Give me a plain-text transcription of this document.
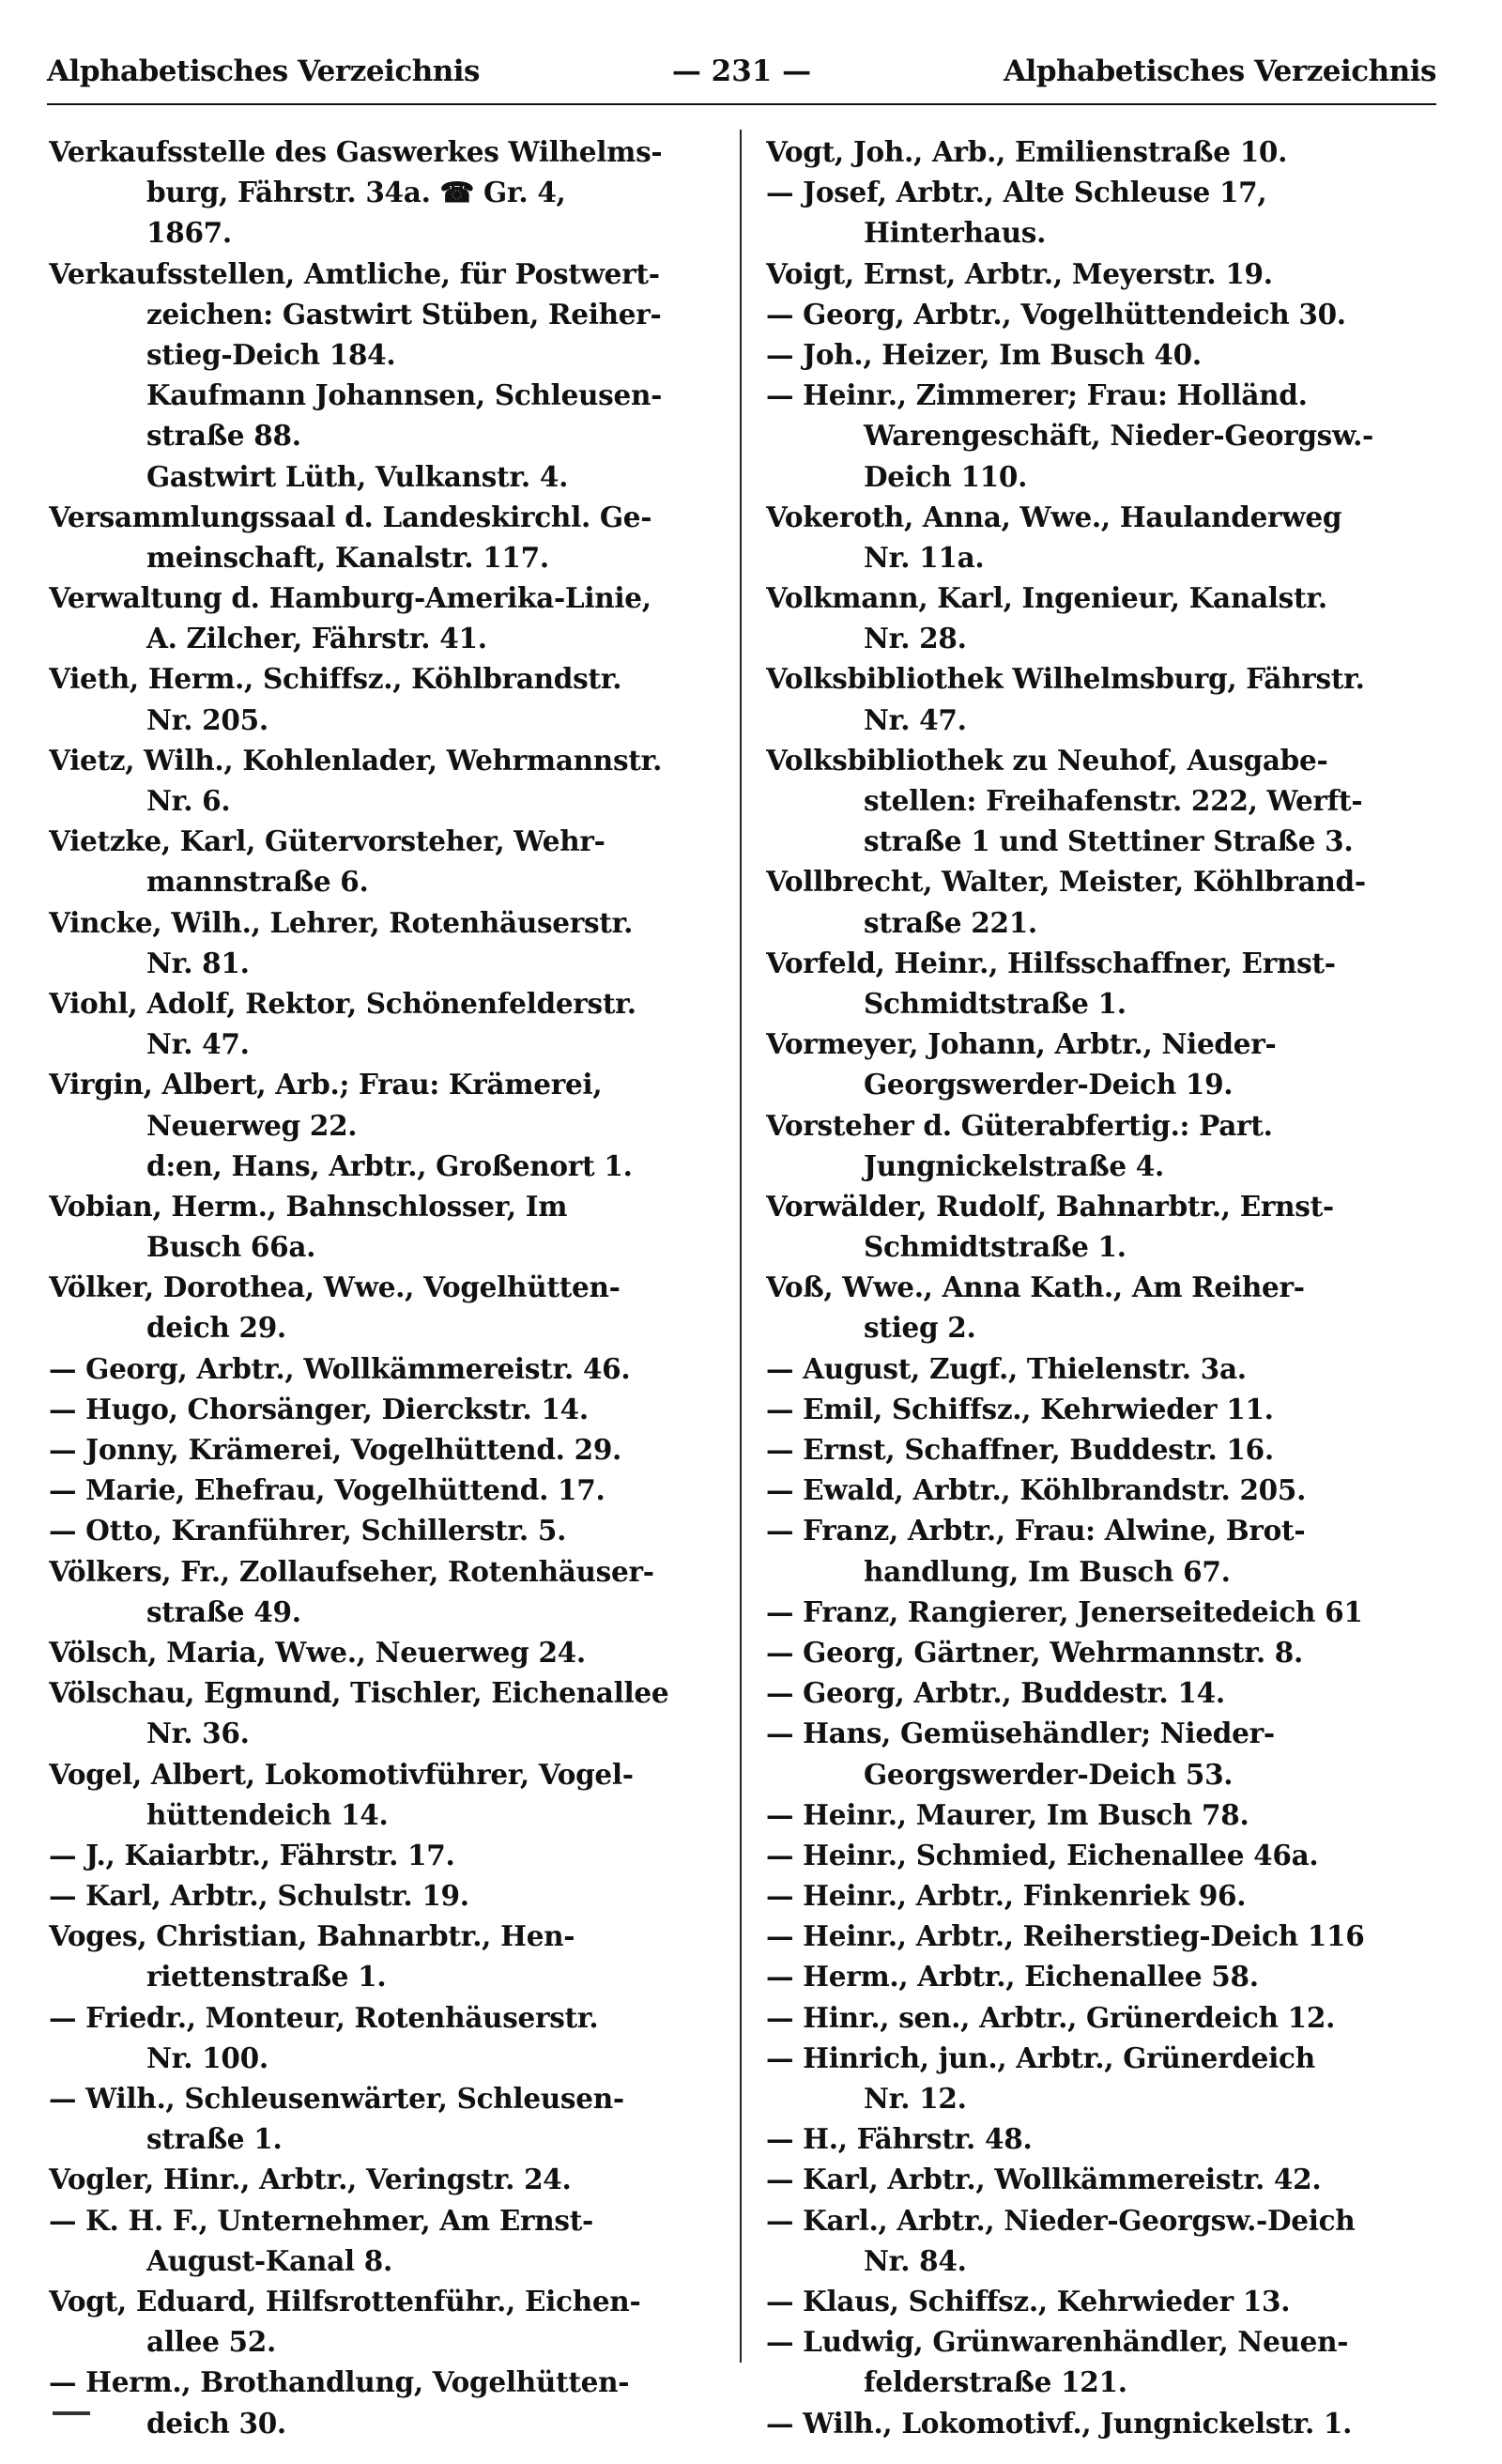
Alphabetisches Verzeichnis	— 231 —	Alphabetisches Verzeichnis
Verkaufsstelle des Gaswerkes Wilhelms-
burg, Fährstr. 34a. ☎ Gr. 4,
1867.
Verkaufsstellen, Amtliche, für Postwert-
zeichen: Gastwirt Stüben, Reiher-
stieg-Deich 184.
Kaufmann Johannsen, Schleusen-
straße 88.
Gastwirt Lüth, Vulkanstr. 4.
Versammlungssaal d. Landeskirchl. Ge-
meinschaft, Kanalstr. 117.
Verwaltung d. Hamburg-Amerika-Linie,
A. Zilcher, Fährstr. 41.
Vieth, Herm., Schiffsz., Köhlbrandstr.
Nr. 205.
Vietz, Wilh., Kohlenlader, Wehrmannstr.
Nr. 6.
Vietzke, Karl, Gütervorsteher, Wehr-
mannstraße 6.
Vincke, Wilh., Lehrer, Rotenhäuserstr.
Nr. 81.
Viohl, Adolf, Rektor, Schönenfelderstr.
Nr. 47.
Virgin, Albert, Arb.; Frau: Krämerei,
Neuerweg 22.
d:en, Hans, Arbtr., Großenort 1.
Vobian, Herm., Bahnschlosser, Im
Busch 66a.
Völker, Dorothea, Wwe., Vogelhütten-
deich 29.
— Georg, Arbtr., Wollkämmereistr. 46.
— Hugo, Chorsänger, Dierckstr. 14.
— Jonny, Krämerei, Vogelhüttend. 29.
— Marie, Ehefrau, Vogelhüttend. 17.
— Otto, Kranführer, Schillerstr. 5.
Völkers, Fr., Zollaufseher, Rotenhäuser-
straße 49.
Völsch, Maria, Wwe., Neuerweg 24.
Völschau, Egmund, Tischler, Eichenallee
Nr. 36.
Vogel, Albert, Lokomotivführer, Vogel-
hüttendeich 14.
— J., Kaiarbtr., Fährstr. 17.
— Karl, Arbtr., Schulstr. 19.
Voges, Christian, Bahnarbtr., Hen-
riettenstraße 1.
— Friedr., Monteur, Rotenhäuserstr.
Nr. 100.
— Wilh., Schleusenwärter, Schleusen-
straße 1.
Vogler, Hinr., Arbtr., Veringstr. 24.
— K. H. F., Unternehmer, Am Ernst-
August-Kanal 8.
Vogt, Eduard, Hilfsrottenführ., Eichen-
allee 52.
— Herm., Brothandlung, Vogelhütten-
deich 30.
Vogt, Joh., Arb., Emilienstraße 10.
— Josef, Arbtr., Alte Schleuse 17,
Hinterhaus.
Voigt, Ernst, Arbtr., Meyerstr. 19.
— Georg, Arbtr., Vogelhüttendeich 30.
— Joh., Heizer, Im Busch 40.
— Heinr., Zimmerer; Frau: Holländ.
Warengeschäft, Nieder-Georgsw.-
Deich 110.
Vokeroth, Anna, Wwe., Haulanderweg
Nr. 11a.
Volkmann, Karl, Ingenieur, Kanalstr.
Nr. 28.
Volksbibliothek Wilhelmsburg, Fährstr.
Nr. 47.
Volksbibliothek zu Neuhof, Ausgabe-
stellen: Freihafenstr. 222, Werft-
straße 1 und Stettiner Straße 3.
Vollbrecht, Walter, Meister, Köhlbrand-
straße 221.
Vorfeld, Heinr., Hilfsschaffner, Ernst-
Schmidtstraße 1.
Vormeyer, Johann, Arbtr., Nieder-
Georgswerder-Deich 19.
Vorsteher d. Güterabfertig.: Part.
Jungnickelstraße 4.
Vorwälder, Rudolf, Bahnarbtr., Ernst-
Schmidtstraße 1.
Voß, Wwe., Anna Kath., Am Reiher-
stieg 2.
— August, Zugf., Thielenstr. 3a.
— Emil, Schiffsz., Kehrwieder 11.
— Ernst, Schaffner, Buddestr. 16.
— Ewald, Arbtr., Köhlbrandstr. 205.
— Franz, Arbtr., Frau: Alwine, Brot-
handlung, Im Busch 67.
— Franz, Rangierer, Jenerseitedeich 61
— Georg, Gärtner, Wehrmannstr. 8.
— Georg, Arbtr., Buddestr. 14.
— Hans, Gemüsehändler; Nieder-
Georgswerder-Deich 53.
— Heinr., Maurer, Im Busch 78.
— Heinr., Schmied, Eichenallee 46a.
— Heinr., Arbtr., Finkenriek 96.
— Heinr., Arbtr., Reiherstieg-Deich 116
— Herm., Arbtr., Eichenallee 58.
— Hinr., sen., Arbtr., Grünerdeich 12.
— Hinrich, jun., Arbtr., Grünerdeich
Nr. 12.
— H., Fährstr. 48.
— Karl, Arbtr., Wollkämmereistr. 42.
— Karl., Arbtr., Nieder-Georgsw.-Deich
Nr. 84.
— Klaus, Schiffsz., Kehrwieder 13.
— Ludwig, Grünwarenhändler, Neuen-
felderstraße 121.
— Wilh., Lokomotivf., Jungnickelstr. 1.
